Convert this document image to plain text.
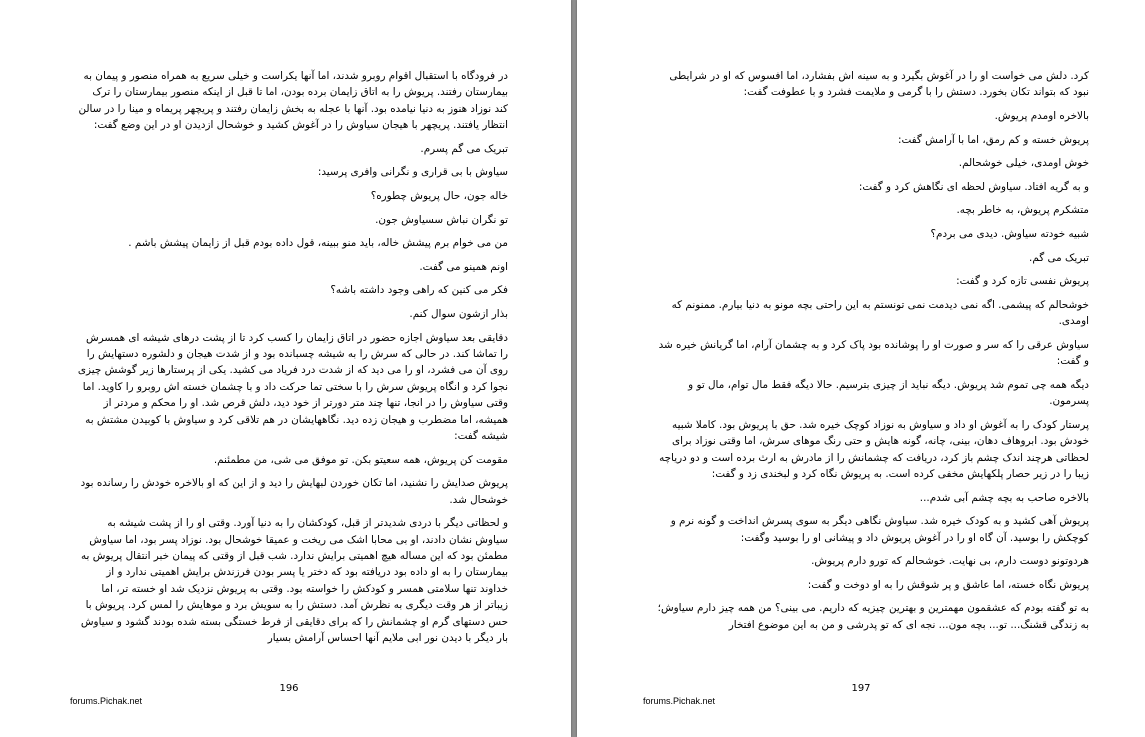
در فرودگاه با استقبال اقوام روبرو شدند، اما آنها یکراست و خیلی سریع به همراه منصور و پیمان به بیمارستان رفتند. پریوش را به اتاق زایمان برده بودن، اما تا قبل از اینکه منصور بیمارستان را ترک کند نوزاد هنوز به دنیا نیامده بود. آنها با عجله به بخش زایمان رفتند و پریچهر پریماه و مینا را در سالن انتظار یافتند. پریچهر با هیجان سیاوش را در آغوش کشید و خوشحال ازدیدن او در این وضع گفت:

تبریک می گم پسرم.

سیاوش با بی قراری و نگرانی وافری پرسید:

خاله جون، حال پریوش چطوره؟

تو نگران نباش سسیاوش جون.

من می خوام برم پیشش خاله، باید منو ببینه، قول داده بودم قبل از زایمان پیشش باشم .

اونم همینو می گفت.

فکر می کنین که راهی وجود داشته باشه؟

بذار ازشون سوال کنم.

دقایقی بعد سیاوش اجازه حضور در اتاق زایمان را کسب کرد تا از پشت درهای شیشه ای همسرش را تماشا کند. در حالی که سرش را به شیشه چسبانده بود و از شدت هیجان و دلشوره دستهایش را روی آن می فشرد، او را می دید که از شدت درد فریاد می کشید. یکی از پرستارها زیر گوشش چیزی نجوا کرد و انگاه پریوش سرش را با سختی تما حرکت داد و با چشمان خسته اش روبرو را کاوید. اما وقتی سیاوش را در انجا، تنها چند متر دورتر از خود دید، دلش قرص شد. او را محکم و مردتر از همیشه، اما مضطرب و هیجان زده دید. نگاههایشان در هم تلاقی کرد و سیاوش با کوبیدن مشتش به شیشه گفت:

مقومت کن پریوش، همه سعیتو بکن. تو موفق می شی، من مطمئنم.

پریوش صدایش را نشنید، اما تکان خوردن لبهایش را دید و از این که او بالاخره خودش را رسانده بود خوشحال شد.

و لحظاتی دیگر با دردی شدیدتر از قبل، کودکشان را به دنیا آورد. وقتی او را از پشت شیشه به سیاوش نشان دادند، او بی محابا اشک می ریخت و عمیقا خوشحال بود. نوزاد پسر بود، اما سیاوش مطمئن بود که این مساله هیچ اهمیتی برایش ندارد. شب قبل از وقتی که پیمان خبر انتقال پریوش به بیمارستان را به او داده بود دریافته بود که دختر یا پسر بودن فرزندش برایش اهمیتی ندارد و از خداوند تنها سلامتی همسر و کودکش را خواسته بود. وقتی به پریوش نزدیک شد او خسته تر، اما زیباتر از هر وقت دیگری به نظرش آمد. دستش را به سویش برد و موهایش را لمس کرد. پریوش با حس دستهای گرم او چشمانش را که برای دقایقی از فرط خستگی بسته شده بودند گشود و سیاوش بار دیگر با دیدن نور ابی ملایم آنها احساس آرامش بسیار

196
forums.Pichak.net

کرد. دلش می خواست او را در آغوش بگیرد و به سینه اش بفشارد، اما افسوس که او در شرایطی نبود که بتواند تکان بخورد. دستش را با گرمی و ملایمت فشرد و با عطوفت گفت:

بالاخره اومدم پریوش.

پریوش خسته و کم رمق، اما با آرامش گفت:

خوش اومدی، خیلی خوشحالم.

و به گریه افتاد. سیاوش لحظه ای نگاهش کرد و گفت:

متشکرم پریوش، به خاطر بچه.

شبیه خودته سیاوش. دیدی می بردم؟

تبریک می گم.

پریوش نفسی تازه کرد و گفت:

خوشحالم که پیشمی. اگه نمی دیدمت نمی تونستم به این راحتی بچه مونو به دنیا بیارم. ممنونم که اومدی.

سیاوش عرقی را که سر و صورت او را پوشانده بود پاک کرد و به چشمان آرام، اما گریانش خیره شد و گفت:

دیگه همه چی تموم شد پریوش. دیگه نباید از چیزی بترسیم. حالا دیگه فقط مال توام، مال تو و پسرمون.

پرستار کودک را به آغوش او داد و سیاوش به نوزاد کوچک خیره شد. حق با پریوش بود. کاملا شبیه خودش بود. ابروهاف دهان، بینی، چانه، گونه هایش و حتی رنگ موهای سرش، اما وقتی نوزاد برای لحظاتی هرچند اندک چشم باز کرد، دریافت که چشمانش را از مادرش به ارث برده است و دو دریاچه زیبا را در زیر حصار پلکهایش مخفی کرده است. به پریوش نگاه کرد و لبخندی زد و گفت:

بالاخره صاحب به بچه چشم آبی شدم...

پریوش آهی کشید و به کودک خیره شد. سیاوش نگاهی دیگر به سوی پسرش انداخت و گونه نرم و کوچکش را بوسید. آن گاه او را در آغوش پریوش داد و پیشانی او را بوسید وگفت:

هردوتونو دوست دارم، بی نهایت. خوشحالم که تورو دارم پریوش.

پریوش نگاه خسته، اما عاشق و پر شوقش را به او دوخت و گفت:

به تو گفته بودم که عشقمون مهمترین و بهترین چیزیه که داریم. می بینی؟ من همه چیز دارم سیاوش؛ به زندگی قشنگ... تو... بچه مون... نجه ای که تو پدرشی و من به این موضوع افتخار

197
forums.Pichak.net
